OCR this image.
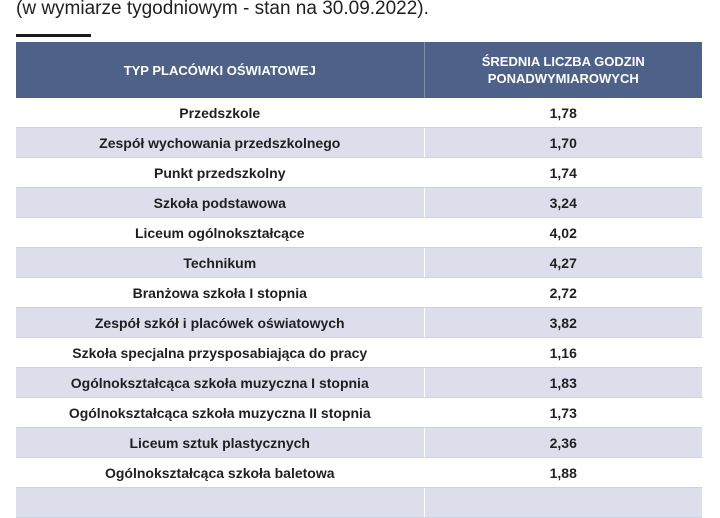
(w wymiarze tygodniowym - stan na 30.09.2022).
TYP PLACÓWKI OŚWIATOWEJ	ŚREDNIA LICZBA GODZIN PONADWYMIAROWYCH
Przedszkole	1,78
Zespół wychowania przedszkolnego	1,70
Punkt przedszkolny	1,74
Szkoła podstawowa	3,24
Liceum ogólnokształcące	4,02
Technikum	4,27
Branżowa szkoła I stopnia	2,72
Zespół szkół i placówek oświatowych	3,82
Szkoła specjalna przysposabiająca do pracy	1,16
Ogólnokształcąca szkoła muzyczna I stopnia	1,83
Ogólnokształcąca szkoła muzyczna II stopnia	1,73
Liceum sztuk plastycznych	2,36
Ogólnokształcąca szkoła baletowa	1,88
